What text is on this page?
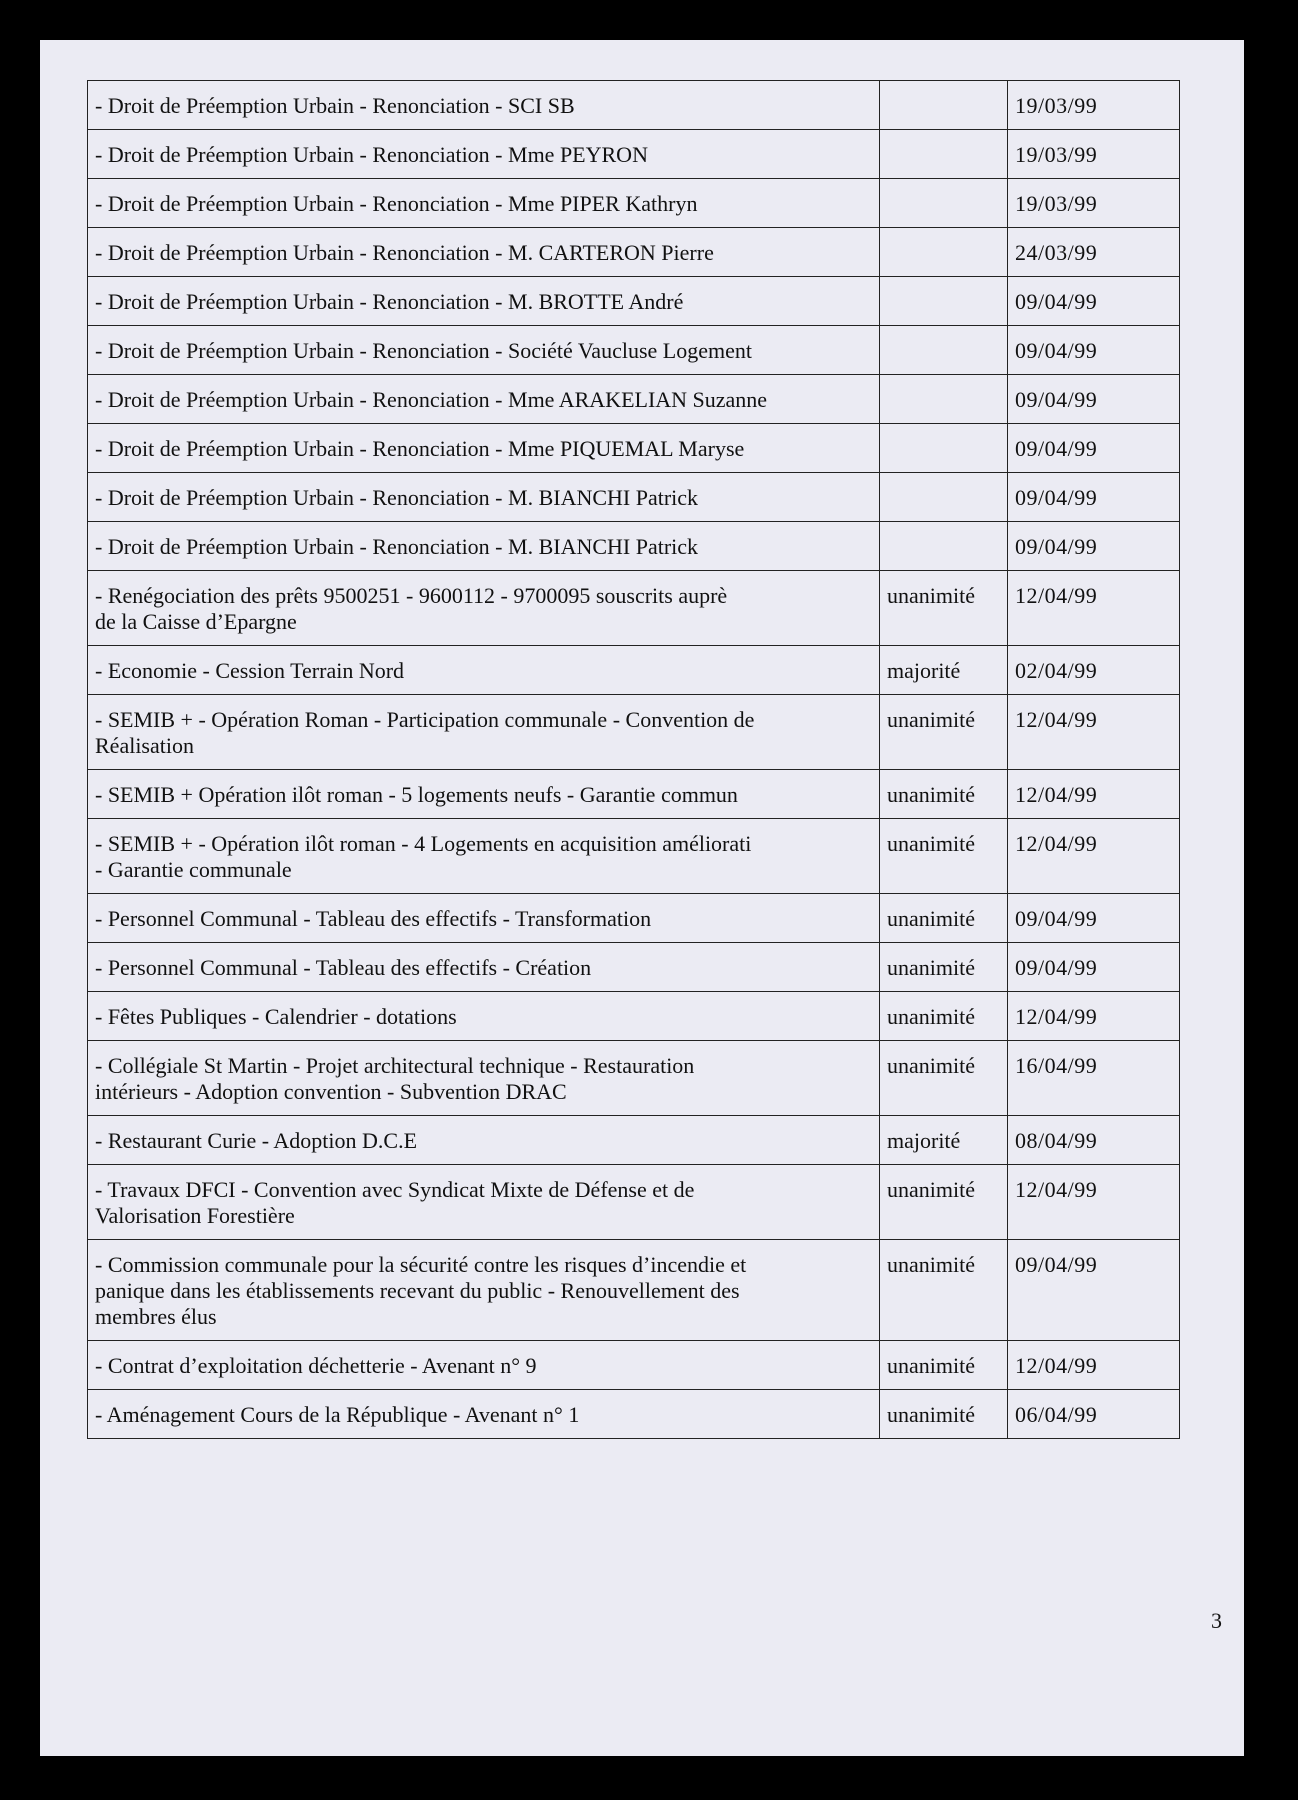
- Droit de Préemption Urbain - Renonciation - SCI SB		19/03/99
- Droit de Préemption Urbain - Renonciation - Mme PEYRON		19/03/99
- Droit de Préemption Urbain - Renonciation - Mme PIPER Kathryn		19/03/99
- Droit de Préemption Urbain - Renonciation - M. CARTERON Pierre		24/03/99
- Droit de Préemption Urbain - Renonciation - M. BROTTE André		09/04/99
- Droit de Préemption Urbain - Renonciation - Société Vaucluse Logement		09/04/99
- Droit de Préemption Urbain - Renonciation - Mme ARAKELIAN Suzanne		09/04/99
- Droit de Préemption Urbain - Renonciation - Mme PIQUEMAL Maryse		09/04/99
- Droit de Préemption Urbain - Renonciation - M. BIANCHI Patrick		09/04/99
- Droit de Préemption Urbain - Renonciation - M. BIANCHI Patrick		09/04/99
- Renégociation des prêts 9500251 - 9600112 - 9700095 souscrits auprè
de la Caisse d’Epargne	unanimité	12/04/99
- Economie - Cession Terrain Nord	majorité	02/04/99
- SEMIB + - Opération Roman - Participation communale - Convention de
Réalisation	unanimité	12/04/99
- SEMIB + Opération ilôt roman - 5 logements neufs - Garantie commun	unanimité	12/04/99
- SEMIB + - Opération ilôt roman - 4 Logements en acquisition améliorati
- Garantie communale	unanimité	12/04/99
- Personnel Communal - Tableau des effectifs - Transformation	unanimité	09/04/99
- Personnel Communal - Tableau des effectifs - Création	unanimité	09/04/99
- Fêtes Publiques - Calendrier - dotations	unanimité	12/04/99
- Collégiale St Martin - Projet architectural technique - Restauration
intérieurs - Adoption convention - Subvention DRAC	unanimité	16/04/99
- Restaurant Curie - Adoption D.C.E	majorité	08/04/99
- Travaux DFCI - Convention avec Syndicat Mixte de Défense et de
Valorisation Forestière	unanimité	12/04/99
- Commission communale pour la sécurité contre les risques d’incendie et
panique dans les établissements recevant du public - Renouvellement des
membres élus	unanimité	09/04/99
- Contrat d’exploitation déchetterie - Avenant n° 9	unanimité	12/04/99
- Aménagement Cours de la République - Avenant n° 1	unanimité	06/04/99
3
